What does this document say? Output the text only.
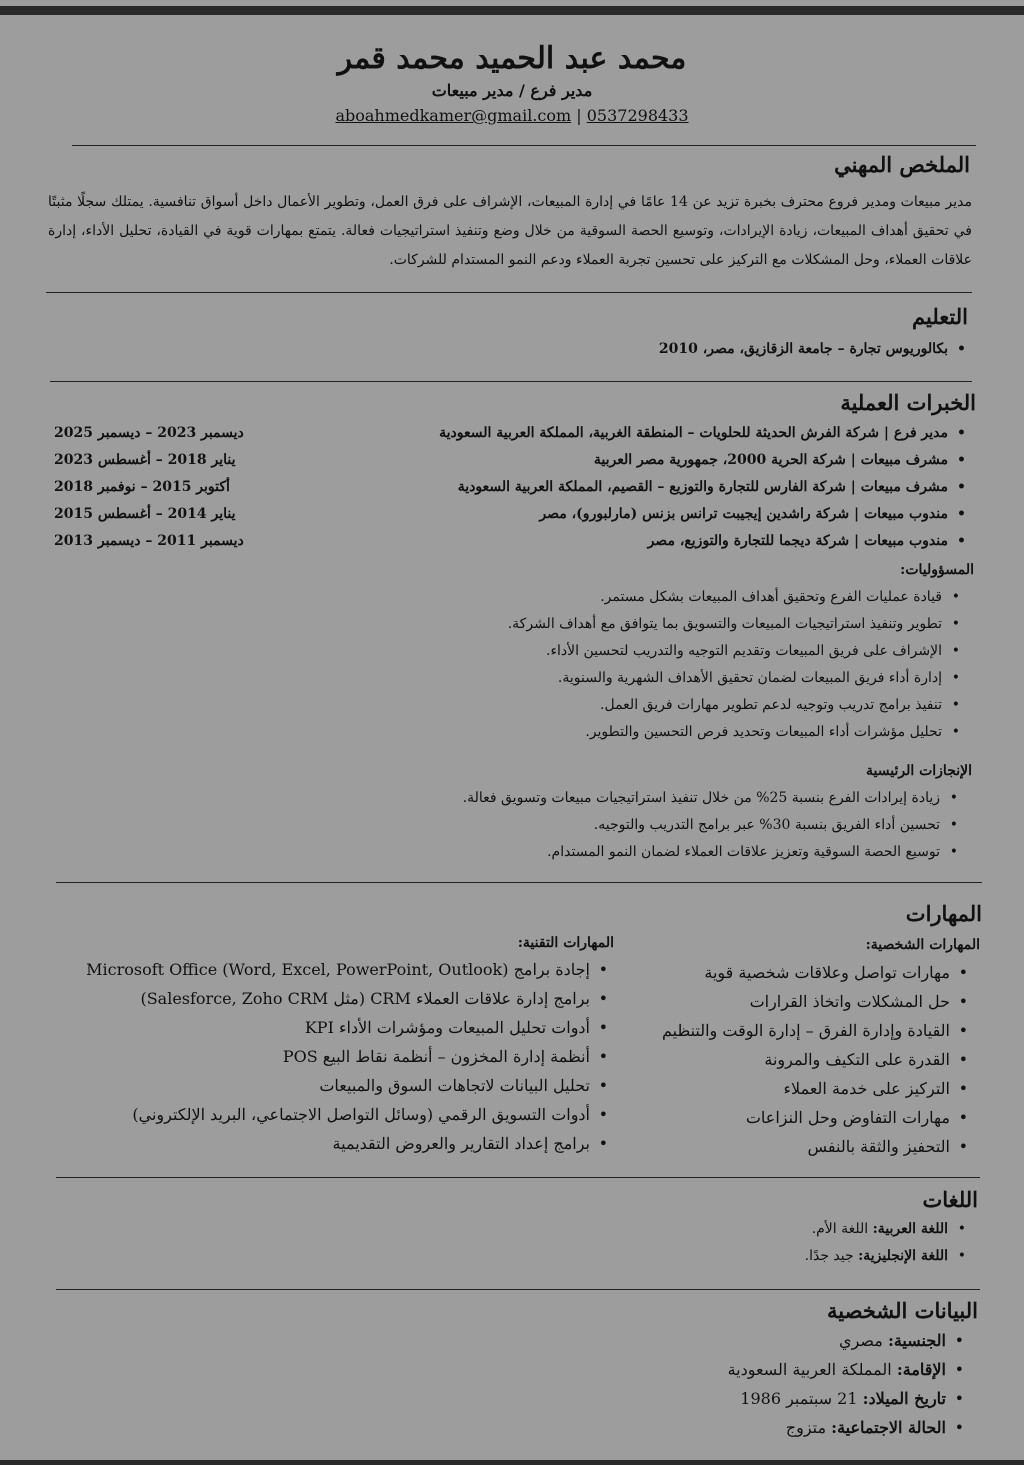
محمد عبد الحميد محمد قمر
مدير فرع / مدير مبيعات
aboahmedkamer@gmail.com | 0537298433
الملخص المهني
مدير مبيعات ومدير فروع محترف بخبرة تزيد عن 14 عامًا في إدارة المبيعات، الإشراف على فرق العمل، وتطوير الأعمال داخل أسواق تنافسية. يمتلك سجلًا مثبتًا في تحقيق أهداف المبيعات، زيادة الإيرادات، وتوسيع الحصة السوقية من خلال وضع وتنفيذ استراتيجيات فعالة. يتمتع بمهارات قوية في القيادة، تحليل الأداء، إدارة علاقات العملاء، وحل المشكلات مع التركيز على تحسين تجربة العملاء ودعم النمو المستدام للشركات.
التعليم
• بكالوريوس تجارة – جامعة الزقازيق، مصر، 2010
الخبرات العملية
• مدير فرع | شركة الفرش الحديثة للحلويات – المنطقة الغربية، المملكة العربية السعودية
ديسمبر 2023 – ديسمبر 2025
• مشرف مبيعات | شركة الحرية 2000، جمهورية مصر العربية
يناير 2018 – أغسطس 2023
• مشرف مبيعات | شركة الفارس للتجارة والتوزيع – القصيم، المملكة العربية السعودية
أكتوبر 2015 – نوفمبر 2018
• مندوب مبيعات | شركة راشدين إيجيبت ترانس بزنس (مارلبورو)، مصر
يناير 2014 – أغسطس 2015
• مندوب مبيعات | شركة ديجما للتجارة والتوزيع، مصر
ديسمبر 2011 – ديسمبر 2013
المسؤوليات:
• قيادة عمليات الفرع وتحقيق أهداف المبيعات بشكل مستمر.
• تطوير وتنفيذ استراتيجيات المبيعات والتسويق بما يتوافق مع أهداف الشركة.
• الإشراف على فريق المبيعات وتقديم التوجيه والتدريب لتحسين الأداء.
• إدارة أداء فريق المبيعات لضمان تحقيق الأهداف الشهرية والسنوية.
• تنفيذ برامج تدريب وتوجيه لدعم تطوير مهارات فريق العمل.
• تحليل مؤشرات أداء المبيعات وتحديد فرص التحسين والتطوير.
الإنجازات الرئيسية
• زيادة إيرادات الفرع بنسبة 25% من خلال تنفيذ استراتيجيات مبيعات وتسويق فعالة.
• تحسين أداء الفريق بنسبة 30% عبر برامج التدريب والتوجيه.
• توسيع الحصة السوقية وتعزيز علاقات العملاء لضمان النمو المستدام.
المهارات
المهارات الشخصية:
• مهارات تواصل وعلاقات شخصية قوية
• حل المشكلات واتخاذ القرارات
• القيادة وإدارة الفرق – إدارة الوقت والتنظيم
• القدرة على التكيف والمرونة
• التركيز على خدمة العملاء
• مهارات التفاوض وحل النزاعات
• التحفيز والثقة بالنفس
المهارات التقنية:
• إجادة برامج Microsoft Office (Word, Excel, PowerPoint, Outlook)
• برامج إدارة علاقات العملاء CRM (مثل Salesforce, Zoho CRM)
• أدوات تحليل المبيعات ومؤشرات الأداء KPI
• أنظمة إدارة المخزون – أنظمة نقاط البيع POS
• تحليل البيانات لاتجاهات السوق والمبيعات
• أدوات التسويق الرقمي (وسائل التواصل الاجتماعي، البريد الإلكتروني)
• برامج إعداد التقارير والعروض التقديمية
اللغات
• اللغة العربية: اللغة الأم.
• اللغة الإنجليزية: جيد جدًا.
البيانات الشخصية
• الجنسية: مصري
• الإقامة: المملكة العربية السعودية
• تاريخ الميلاد: 21 سبتمبر 1986
• الحالة الاجتماعية: متزوج
